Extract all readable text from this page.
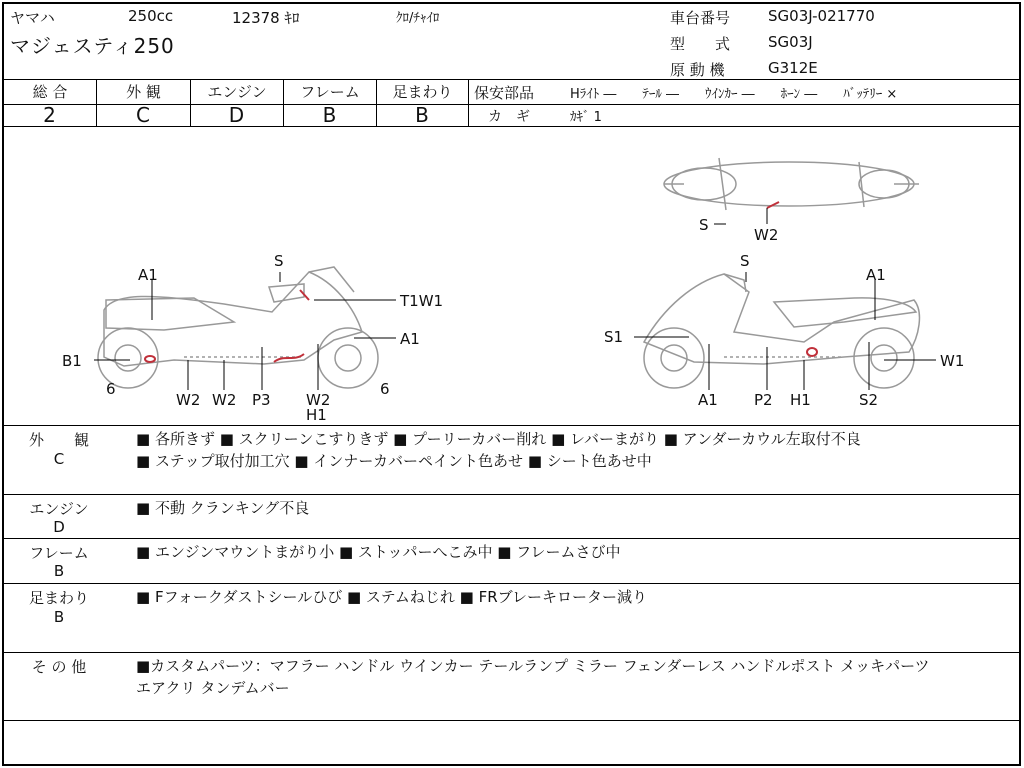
ヤマハ	250cc	12378 ｷﾛ	ｸﾛ/ﾁｬｲﾛ
マジェスティ250
車台番号	SG03J-021770
型　　式	SG03J
原 動 機	G312E
総 合	外 観	エンジン	フレーム	足まわり
2	C	D	B	B
保安部品	Hﾗｲﾄ ―　　ﾃｰﾙ ―　　ｳｲﾝｶｰ ―　　ﾎｰﾝ ―　　ﾊﾞｯﾃﾘｰ ×
カ　ギ	ｶｷﾞ 1
A1
S
T1W1
A1
B1
6
W2 W2 P3 W2
H1
6
S
A1
S1
W1
A1 P2 H1	S2
S
W2
外　　観
C
■ 各所きず ■ スクリーンこすりきず ■ プーリーカバー削れ ■ レバーまがり ■ アンダーカウル左取付不良
■ ステップ取付加工穴 ■ インナーカバーペイント色あせ ■ シート色あせ中
エンジン
D
■ 不動 クランキング不良
フレーム
B
■ エンジンマウントまがり小 ■ ストッパーへこみ中 ■ フレームさび中
足まわり
B
■ Fフォークダストシールひび ■ ステムねじれ ■ FRブレーキローター減り
そ の 他	■カスタムパーツ：マフラー ハンドル ウインカー テールランプ ミラー フェンダーレス ハンドルポスト メッキパーツ
エアクリ タンデムバー
